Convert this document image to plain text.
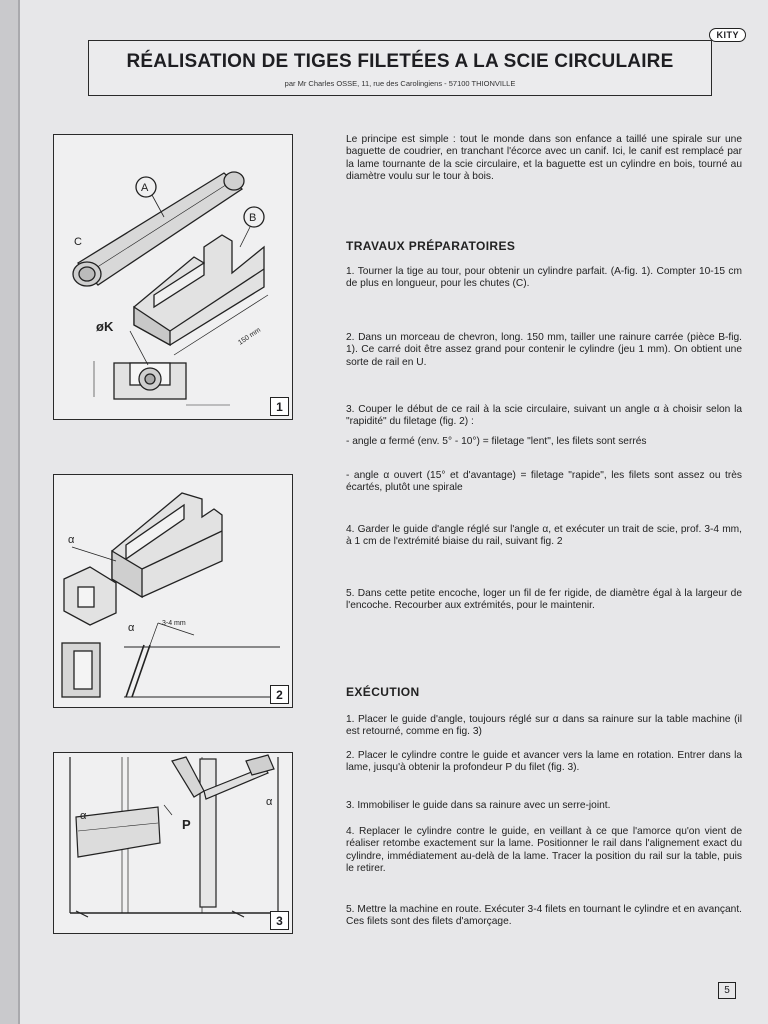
KITY
RÉALISATION DE TIGES FILETÉES A LA SCIE CIRCULAIRE
par Mr Charles OSSE, 11, rue des Carolingiens - 57100 THIONVILLE
A
B
C
øK
150 mm
1
α
α	3-4 mm
2
α
α
P
3

Le principe est simple : tout le monde dans son enfance a taillé une spirale sur une baguette de coudrier, en tranchant l'écorce avec un canif. Ici, le canif est remplacé par la lame tournante de la scie circulaire, et la baguette est un cylindre en bois, tourné au diamètre voulu sur le tour à bois.

TRAVAUX PRÉPARATOIRES

1. Tourner la tige au tour, pour obtenir un cylindre parfait. (A-fig. 1). Compter 10-15 cm de plus en longueur, pour les chutes (C).

2. Dans un morceau de chevron, long. 150 mm, tailler une rainure carrée (pièce B-fig. 1). Ce carré doit être assez grand pour contenir le cylindre (jeu 1 mm). On obtient une sorte de rail en U.

3. Couper le début de ce rail à la scie circulaire, suivant un angle α à choisir selon la "rapidité" du filetage (fig. 2) :

- angle α fermé (env. 5° - 10°) = filetage "lent", les filets sont serrés

- angle α ouvert (15° et d'avantage) = filetage "rapide", les filets sont assez ou très écartés, plutôt une spirale

4. Garder le guide d'angle réglé sur l'angle α, et exécuter un trait de scie, prof. 3-4 mm, à 1 cm de l'extrémité biaise du rail, suivant fig. 2

5. Dans cette petite encoche, loger un fil de fer rigide, de diamètre égal à la largeur de l'encoche. Recourber aux extrémités, pour le maintenir.

EXÉCUTION

1. Placer le guide d'angle, toujours réglé sur α dans sa rainure sur la table machine (il est retourné, comme en fig. 3)

2. Placer le cylindre contre le guide et avancer vers la lame en rotation. Entrer dans la lame, jusqu'à obtenir la profondeur P du filet (fig. 3).

3. Immobiliser le guide dans sa rainure avec un serre-joint.

4. Replacer le cylindre contre le guide, en veillant à ce que l'amorce qu'on vient de réaliser retombe exactement sur la lame. Positionner le rail dans l'alignement exact du cylindre, immédiatement au-delà de la lame. Tracer la position du rail sur la table, puis le retirer.

5. Mettre la machine en route. Exécuter 3-4 filets en tournant le cylindre et en avançant. Ces filets sont des filets d'amorçage.

5
